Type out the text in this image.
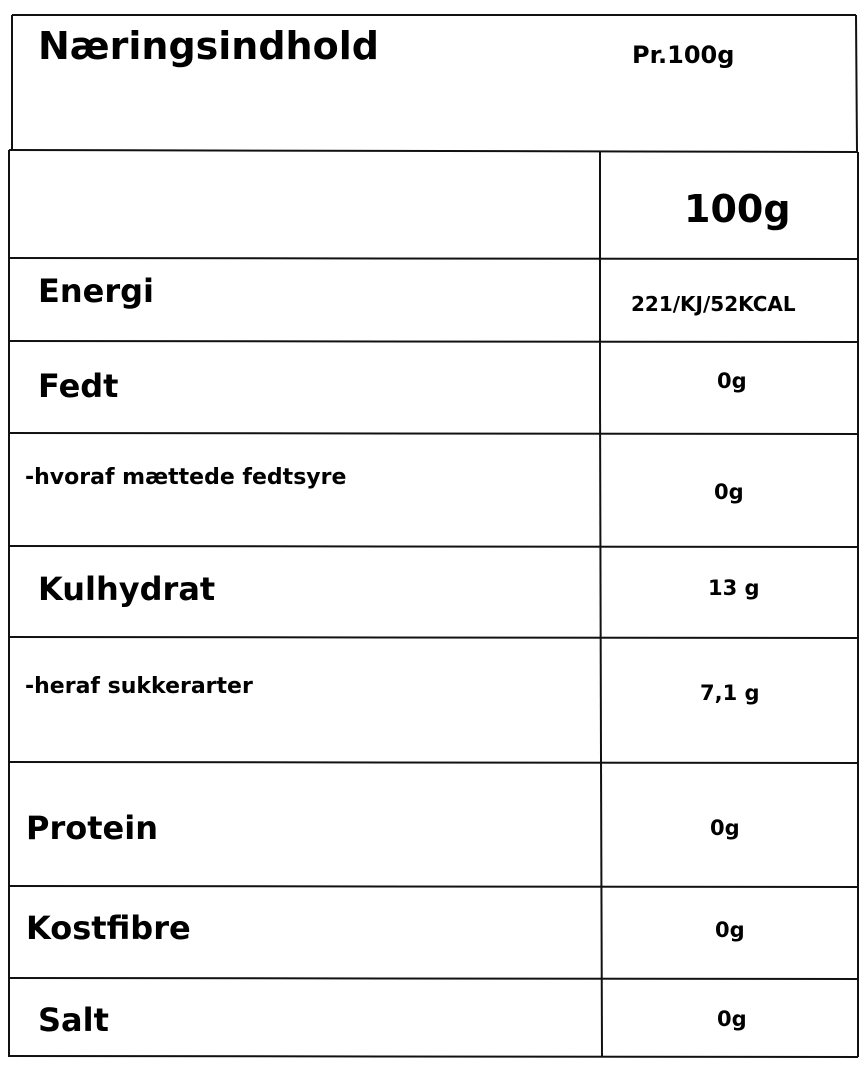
Næringsindhold	Pr.100g
100g
Energi
Fedt
-hvoraf mættede fedtsyre
Kulhydrat
-heraf sukkerarter
Protein
Kostfibre
Salt
221/KJ/52KCAL
0g
0g
13 g
7,1 g
0g
0g
0g
